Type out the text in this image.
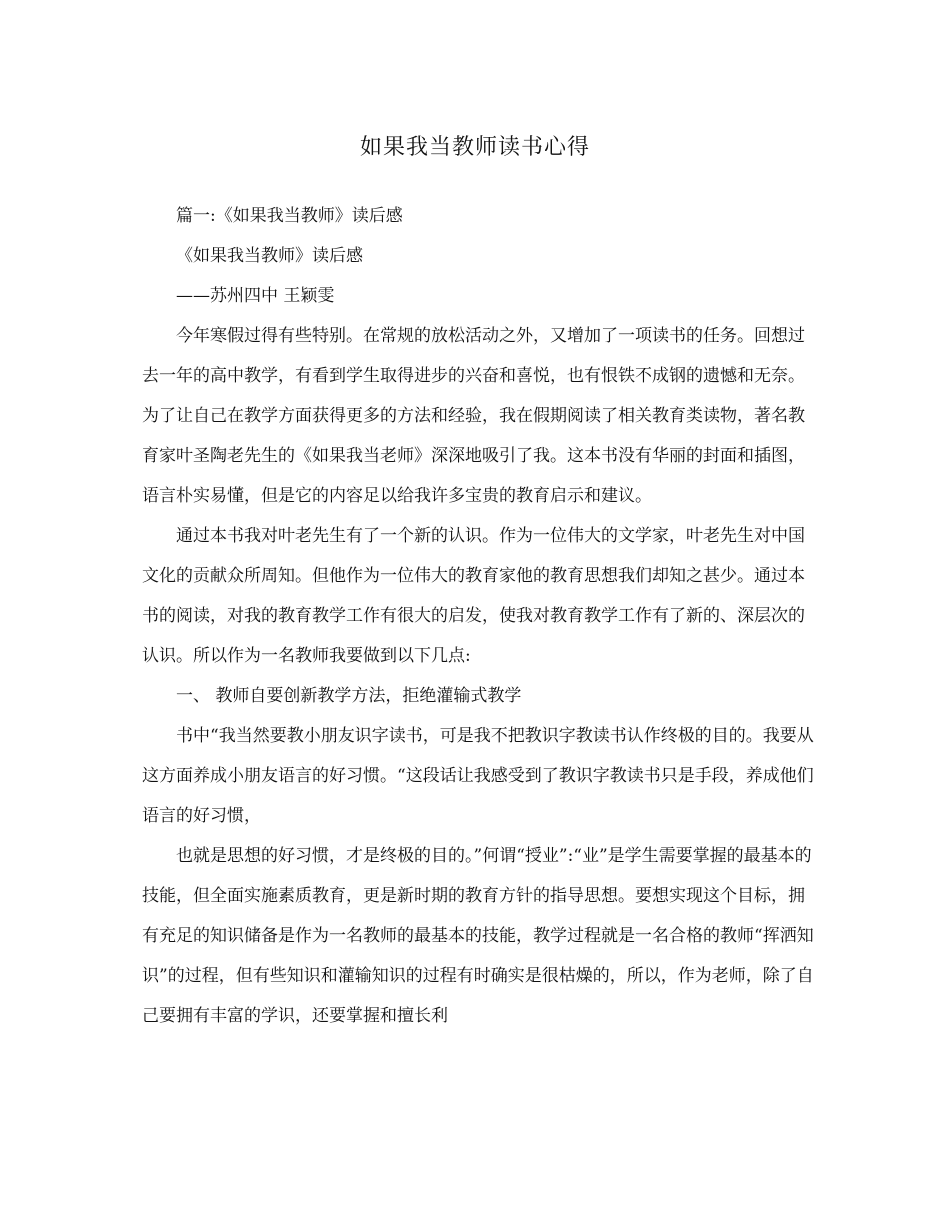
如果我当教师读书心得

篇一:《如果我当教师》读后感

《如果我当教师》读后感

——苏州四中 王颖雯

今年寒假过得有些特别。在常规的放松活动之外，又增加了一项读书的任务。回想过去一年的高中教学，有看到学生取得进步的兴奋和喜悦，也有恨铁不成钢的遗憾和无奈。为了让自己在教学方面获得更多的方法和经验，我在假期阅读了相关教育类读物，著名教育家叶圣陶老先生的《如果我当老师》深深地吸引了我。这本书没有华丽的封面和插图，语言朴实易懂，但是它的内容足以给我许多宝贵的教育启示和建议。

通过本书我对叶老先生有了一个新的认识。作为一位伟大的文学家，叶老先生对中国文化的贡献众所周知。但他作为一位伟大的教育家他的教育思想我们却知之甚少。通过本书的阅读，对我的教育教学工作有很大的启发，使我对教育教学工作有了新的、深层次的认识。所以作为一名教师我要做到以下几点:

一、 教师自要创新教学方法，拒绝灌输式教学

书中“我当然要教小朋友识字读书，可是我不把教识字教读书认作终极的目的。我要从这方面养成小朋友语言的好习惯。“这段话让我感受到了教识字教读书只是手段，养成他们语言的好习惯，

也就是思想的好习惯，才是终极的目的。”何谓“授业”:“业”是学生需要掌握的最基本的技能，但全面实施素质教育，更是新时期的教育方针的指导思想。要想实现这个目标，拥有充足的知识储备是作为一名教师的最基本的技能，教学过程就是一名合格的教师“挥洒知识”的过程，但有些知识和灌输知识的过程有时确实是很枯燥的，所以，作为老师，除了自己要拥有丰富的学识，还要掌握和擅长利
